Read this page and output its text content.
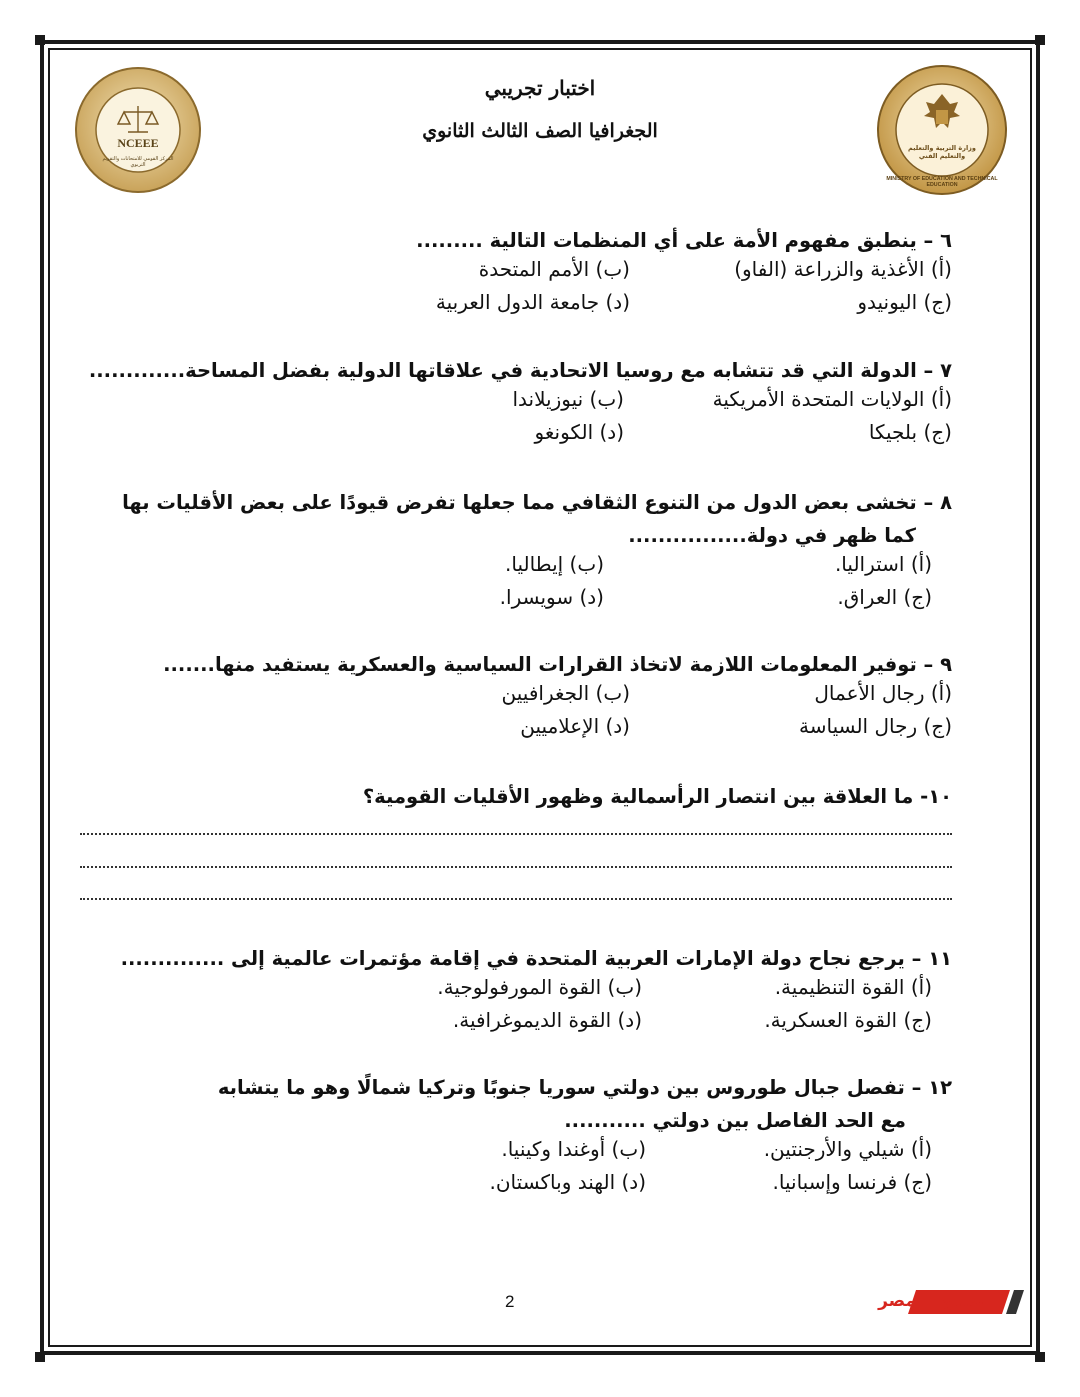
اختبار تجريبي
الجغرافيا الصف الثالث الثانوي
NCEEE
المركز القومي للامتحانات والتقويم التربوي
وزارة التربية والتعليم والتعليم الفني
MINISTRY OF EDUCATION AND TECHNICAL EDUCATION
٦ – ينطبق مفهوم الأمة على أي المنظمات التالية .........
(أ) الأغذية والزراعة (الفاو)
(ب) الأمم المتحدة
(ج) اليونيدو
(د) جامعة الدول العربية
٧ – الدولة التي قد تتشابه مع روسيا الاتحادية في علاقاتها الدولية بفضل المساحة.............
(أ) الولايات المتحدة الأمريكية
(ب) نيوزيلاندا
(ج) بلجيكا
(د) الكونغو
٨ – تخشى بعض الدول من التنوع الثقافي مما جعلها تفرض قيودًا على بعض الأقليات بها
كما ظهر في دولة................
(أ) استراليا.
(ب) إيطاليا.
(ج) العراق.
(د) سويسرا.
٩ – توفير المعلومات اللازمة لاتخاذ القرارات السياسية والعسكرية يستفيد منها.......
(أ) رجال الأعمال
(ب) الجغرافيين
(ج) رجال السياسة
(د) الإعلاميين
١٠- ما العلاقة بين انتصار الرأسمالية وظهور الأقليات القومية؟
١١ – يرجع نجاح دولة الإمارات العربية المتحدة في إقامة مؤتمرات عالمية إلى ..............
(أ) القوة التنظيمية.
(ب) القوة المورفولوجية.
(ج) القوة العسكرية.
(د) القوة الديموغرافية.
١٢ – تفصل جبال طوروس بين دولتي سوريا جنوبًا وتركيا شمالًا وهو ما يتشابه
مع الحد الفاصل بين دولتي ...........
(أ) شيلي والأرجنتين.
(ب) أوغندا وكينيا.
(ج) فرنسا وإسبانيا.
(د) الهند وباكستان.
2	صباح مصر
